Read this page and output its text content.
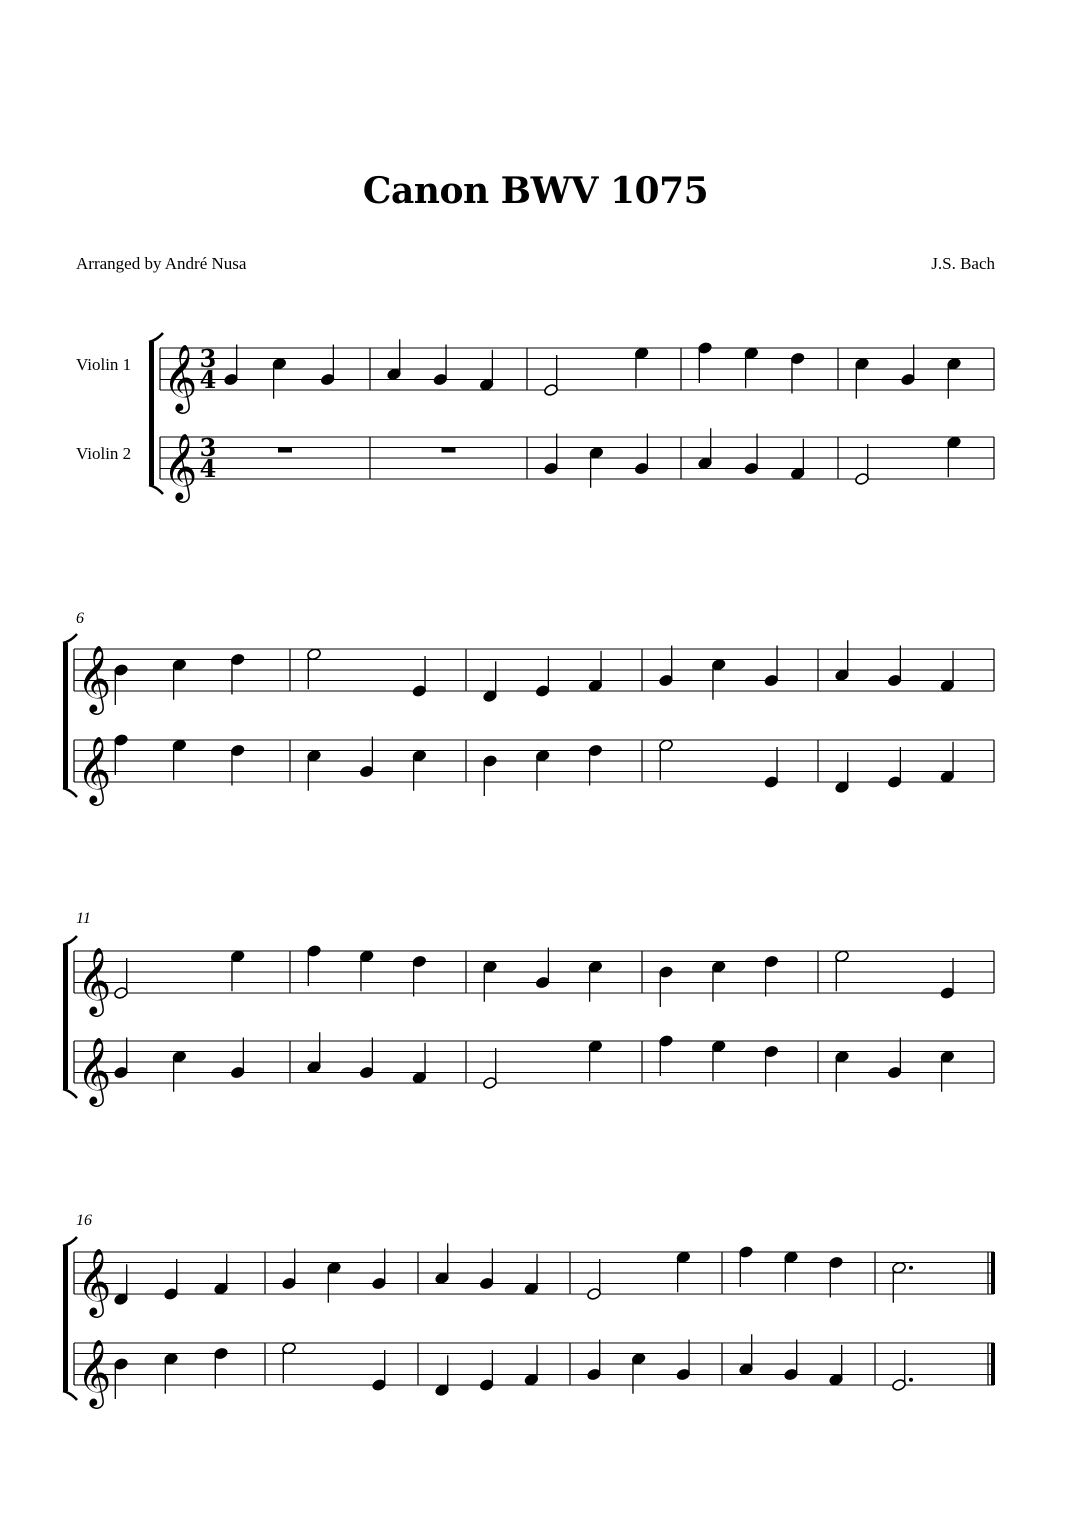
Canon BWV 1075
Arranged by André Nusa	J.S. Bach
Violin 1
Violin 2
6
11
16
𝄞 3
4
𝄞 3
4
𝄞
𝄞
𝄞
𝄞
𝄞
𝄞
